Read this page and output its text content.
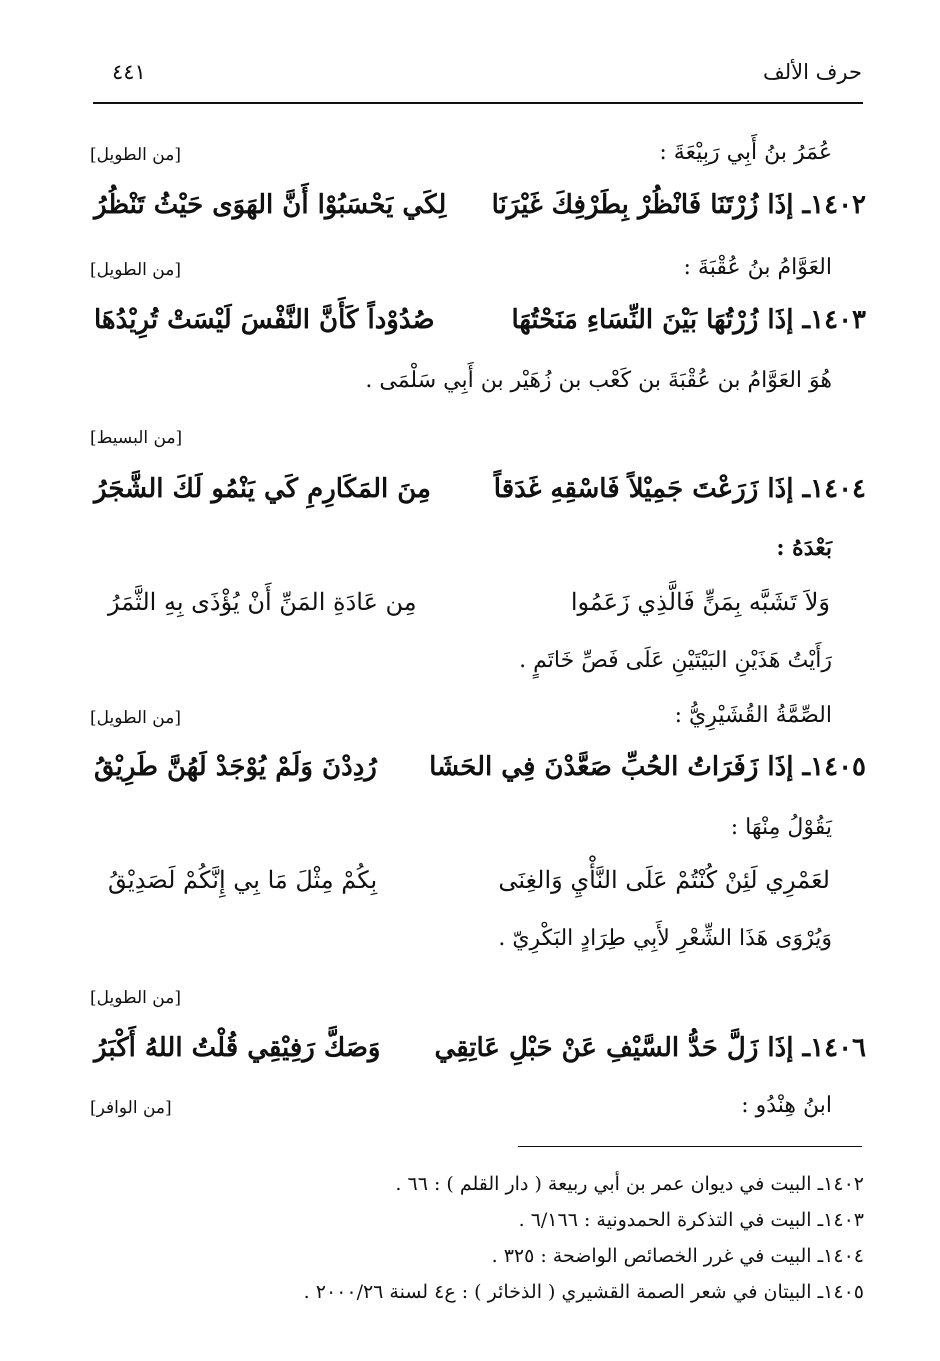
حرف الألف
٤٤١
عُمَرُ بنُ أَبِي رَبِيْعَةَ :
[من الطويل]
١٤٠٢ـ إذَا زُرْتَنَا فَانْظُرْ بِطَرْفِكَ غَيْرَنَا
لِكَي يَحْسَبُوْا أَنَّ الهَوَى حَيْثُ تَنْظُرُ
العَوَّامُ بنُ عُقْبَةَ :
[من الطويل]
١٤٠٣ـ إذَا زُرْتُهَا بَيْنَ النِّسَاءِ مَنَحْتُهَا
صُدُوْداً كَأَنَّ النَّفْسَ لَيْسَتْ تُرِيْدُهَا
هُوَ العَوَّامُ بن عُقْبَةَ بن كَعْب بن زُهَيْر بن أَبِي سَلْمَى .
[من البسيط]
١٤٠٤ـ إذَا زَرَعْتَ جَمِيْلاً فَاسْقِهِ غَدَقاً
مِنَ المَكَارِمِ كَي يَنْمُو لَكَ الشَّجَرُ
بَعْدَهُ :
وَلاَ تَشَبَّه بِمَنٍّ فَالَّذِي زَعَمُوا
مِن عَادَةِ المَنِّ أَنْ يُؤْذَى بِهِ الثَّمَرُ
رَأَيْتُ هَذَيْنِ البَيْتَيْنِ عَلَى فَصِّ خَاتَمٍ .
الصِّمَّةُ القُشَيْرِيُّ :
[من الطويل]
١٤٠٥ـ إذَا زَفَرَاتُ الحُبِّ صَعَّدْنَ فِي الحَشَا
رُدِدْنَ وَلَمْ يُوْجَدْ لَهُنَّ طَرِيْقُ
يَقُوْلُ مِنْهَا :
لعَمْرِي لَئِنْ كُنْتُمْ عَلَى النَّأْيِ وَالغِنَى
بِكُمْ مِثْلَ مَا بِي إِنَّكُمْ لَصَدِيْقُ
وَيُرْوَى هَذَا الشِّعْرِ لأَبِي طِرَادٍ البَكْرِيّ .
[من الطويل]
١٤٠٦ـ إذَا زَلَّ حَدُّ السَّيْفِ عَنْ حَبْلِ عَاتِقِي
وَصَكَّ رَفِيْقِي قُلْتُ اللهُ أَكْبَرُ
ابنُ هِنْدُو :
[من الوافر]
١٤٠٢ـ البيت في ديوان عمر بن أبي ربيعة ( دار القلم ) : ٦٦ .
١٤٠٣ـ البيت في التذكرة الحمدونية : ٦/١٦٦ .
١٤٠٤ـ البيت في غرر الخصائص الواضحة : ٣٢٥ .
١٤٠٥ـ البيتان في شعر الصمة القشيري ( الذخائر ) : ع٤ لسنة ٢٠٠٠/٢٦ .
